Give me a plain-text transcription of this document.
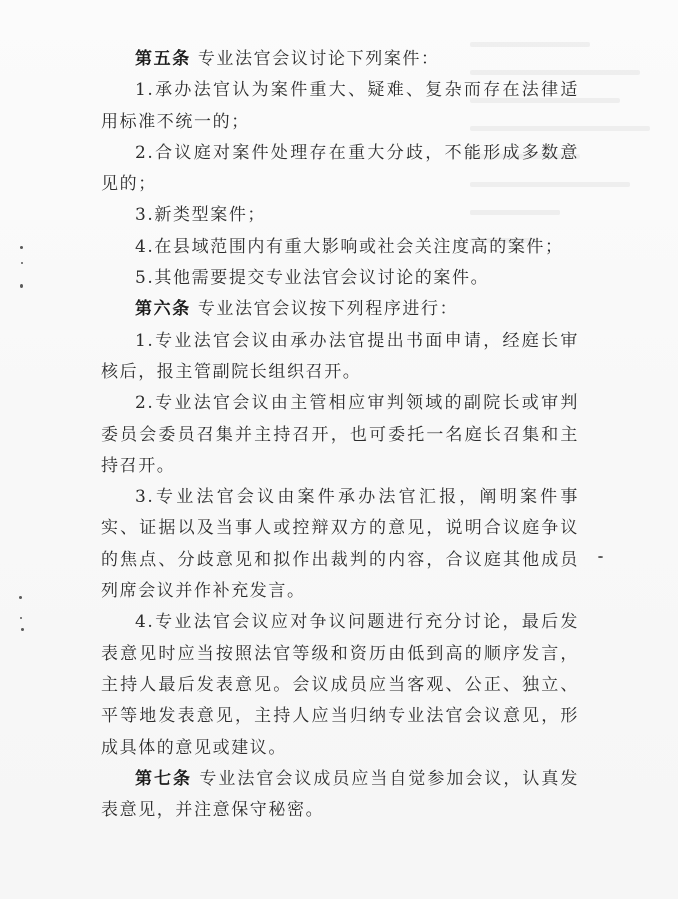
第五条 专业法官会议讨论下列案件：

1.承办法官认为案件重大、疑难、复杂而存在法律适用标准不统一的；

2.合议庭对案件处理存在重大分歧，不能形成多数意见的；

3.新类型案件；

4.在县域范围内有重大影响或社会关注度高的案件；

5.其他需要提交专业法官会议讨论的案件。

第六条 专业法官会议按下列程序进行：

1.专业法官会议由承办法官提出书面申请，经庭长审核后，报主管副院长组织召开。

2.专业法官会议由主管相应审判领域的副院长或审判委员会委员召集并主持召开，也可委托一名庭长召集和主持召开。

3.专业法官会议由案件承办法官汇报，阐明案件事实、证据以及当事人或控辩双方的意见，说明合议庭争议的焦点、分歧意见和拟作出裁判的内容，合议庭其他成员列席会议并作补充发言。

4.专业法官会议应对争议问题进行充分讨论，最后发表意见时应当按照法官等级和资历由低到高的顺序发言，主持人最后发表意见。会议成员应当客观、公正、独立、平等地发表意见，主持人应当归纳专业法官会议意见，形成具体的意见或建议。

第七条 专业法官会议成员应当自觉参加会议，认真发表意见，并注意保守秘密。
